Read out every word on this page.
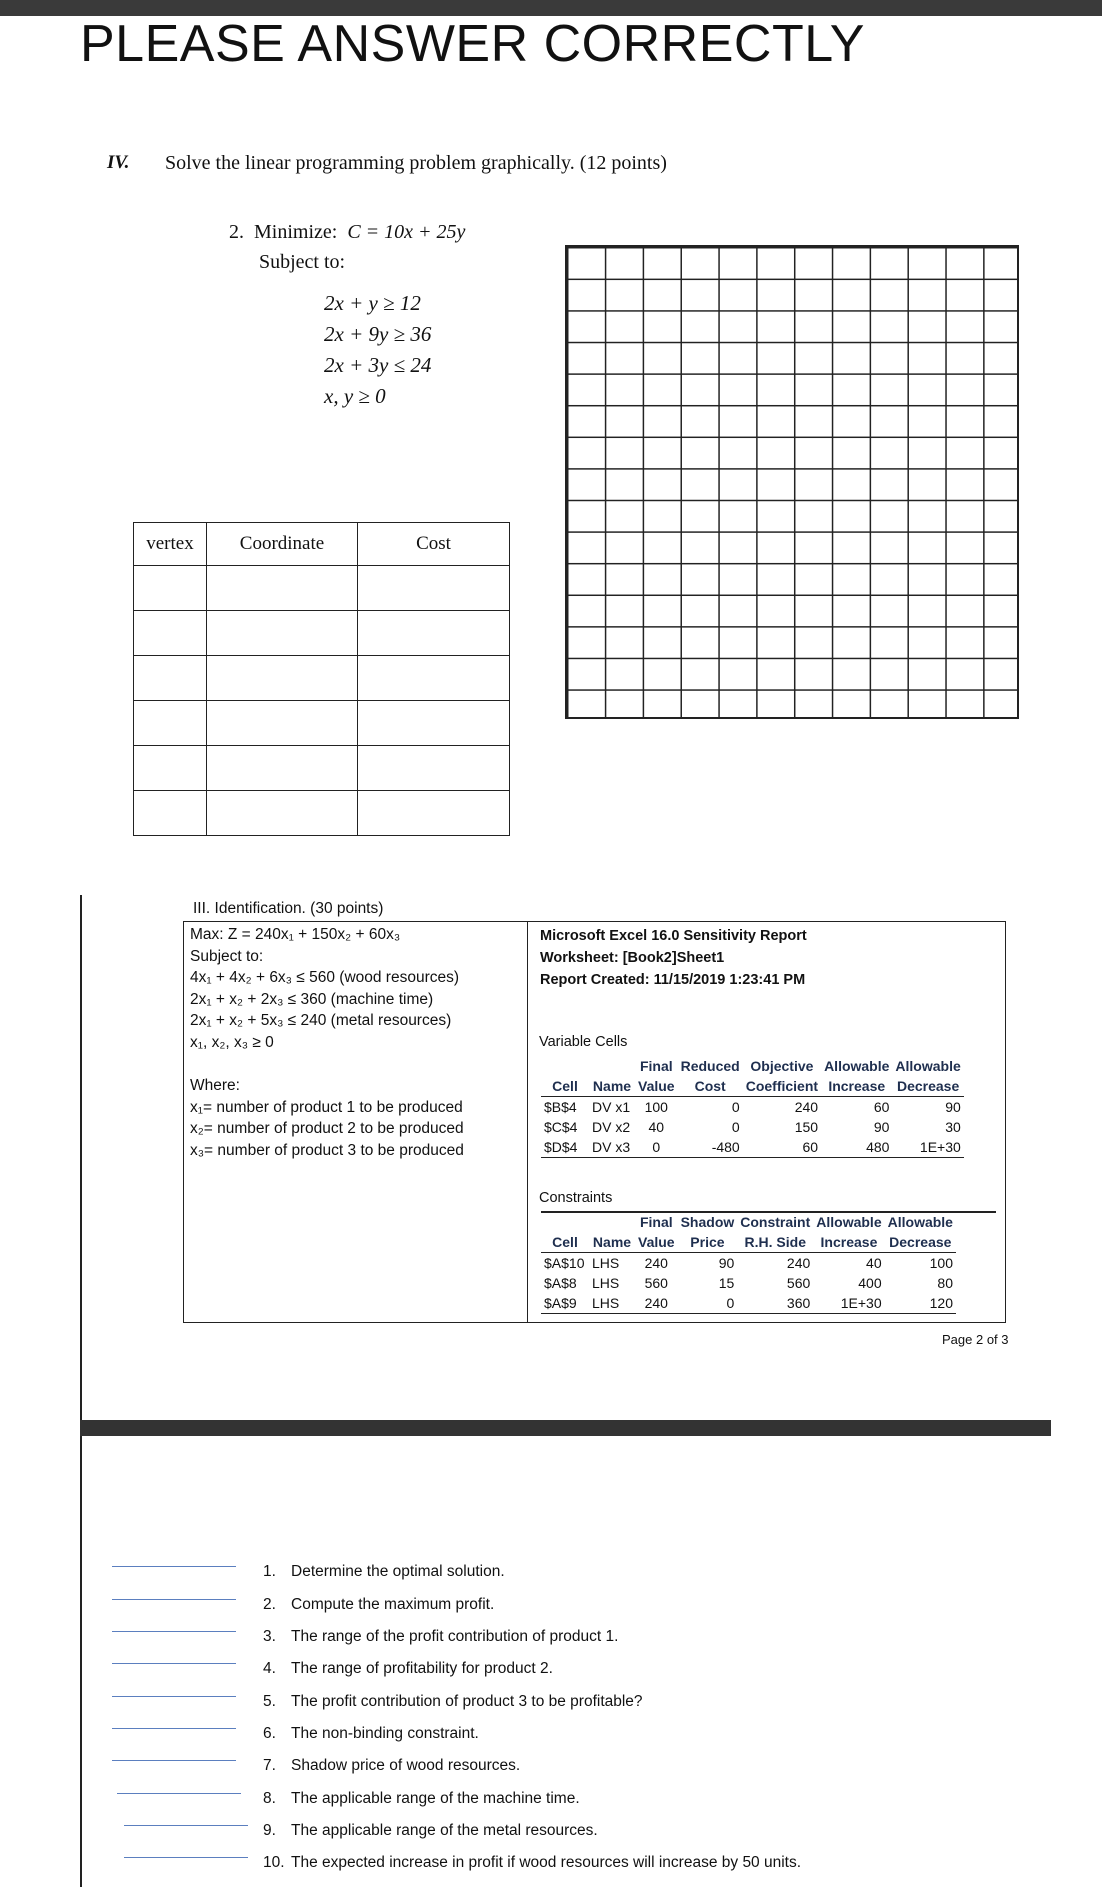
PLEASE ANSWER CORRECTLY
IV. Solve the linear programming problem graphically. (12 points)
2. Minimize: C = 10x + 25y
Subject to:
2x + y ≥ 12
2x + 9y ≥ 36
2x + 3y ≤ 24
x, y ≥ 0
vertex	Coordinate	Cost

III. Identification. (30 points)
Max: Z = 240x₁ + 150x₂ + 60x₃
Subject to:
4x₁ + 4x₂ + 6x₃ ≤ 560 (wood resources)
2x₁ + x₂ + 2x₃ ≤ 360 (machine time)
2x₁ + x₂ + 5x₃ ≤ 240 (metal resources)
x₁, x₂, x₃ ≥ 0
Where:
x₁= number of product 1 to be produced
x₂= number of product 2 to be produced
x₃= number of product 3 to be produced
Microsoft Excel 16.0 Sensitivity Report
Worksheet: [Book2]Sheet1
Report Created: 11/15/2019 1:23:41 PM
Variable Cells
		Final	Reduced	Objective	Allowable	Allowable
Cell	Name	Value	Cost	Coefficient	Increase	Decrease
$B$4	DV x1	100	0	240	60	90
$C$4	DV x2	40	0	150	90	30
$D$4	DV x3	0	-480	60	480	1E+30
Constraints
		Final	Shadow	Constraint	Allowable	Allowable
Cell	Name	Value	Price	R.H. Side	Increase	Decrease
$A$10	LHS	240	90	240	40	100
$A$8	LHS	560	15	560	400	80
$A$9	LHS	240	0	360	1E+30	120
Page 2 of 3
1. Determine the optimal solution.
2. Compute the maximum profit.
3. The range of the profit contribution of product 1.
4. The range of profitability for product 2.
5. The profit contribution of product 3 to be profitable?
6. The non-binding constraint.
7. Shadow price of wood resources.
8. The applicable range of the machine time.
9. The applicable range of the metal resources.
10. The expected increase in profit if wood resources will increase by 50 units.
